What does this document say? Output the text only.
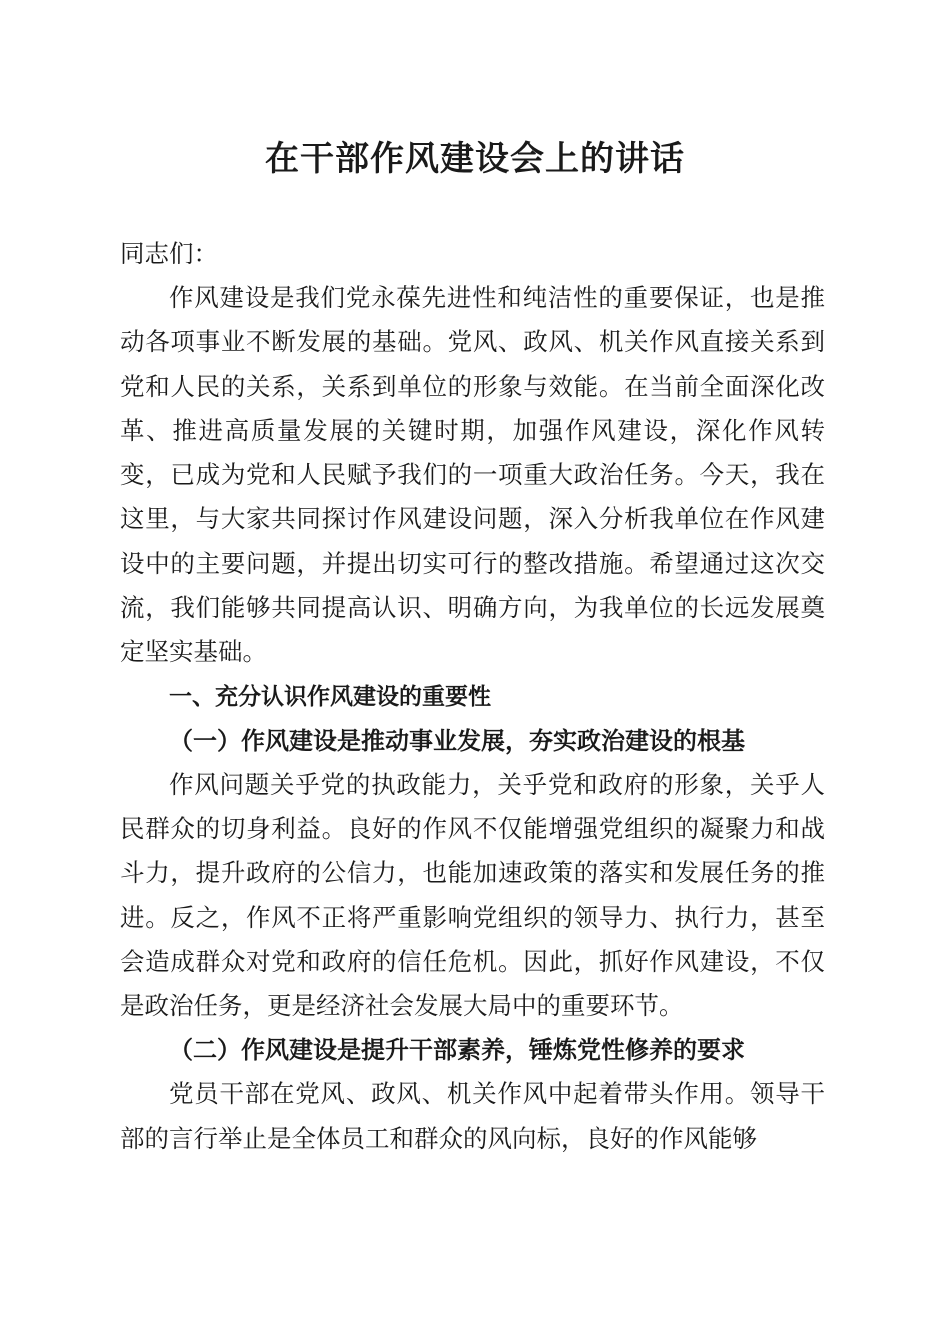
在干部作风建设会上的讲话
同志们：

作风建设是我们党永葆先进性和纯洁性的重要保证，也是推动各项事业不断发展的基础。党风、政风、机关作风直接关系到党和人民的关系，关系到单位的形象与效能。在当前全面深化改革、推进高质量发展的关键时期，加强作风建设，深化作风转变，已成为党和人民赋予我们的一项重大政治任务。今天，我在这里，与大家共同探讨作风建设问题，深入分析我单位在作风建设中的主要问题，并提出切实可行的整改措施。希望通过这次交流，我们能够共同提高认识、明确方向，为我单位的长远发展奠定坚实基础。

一、充分认识作风建设的重要性
（一）作风建设是推动事业发展，夯实政治建设的根基

作风问题关乎党的执政能力，关乎党和政府的形象，关乎人民群众的切身利益。良好的作风不仅能增强党组织的凝聚力和战斗力，提升政府的公信力，也能加速政策的落实和发展任务的推进。反之，作风不正将严重影响党组织的领导力、执行力，甚至会造成群众对党和政府的信任危机。因此，抓好作风建设，不仅是政治任务，更是经济社会发展大局中的重要环节。

（二）作风建设是提升干部素养，锤炼党性修养的要求

党员干部在党风、政风、机关作风中起着带头作用。领导干部的言行举止是全体员工和群众的风向标，良好的作风能够
